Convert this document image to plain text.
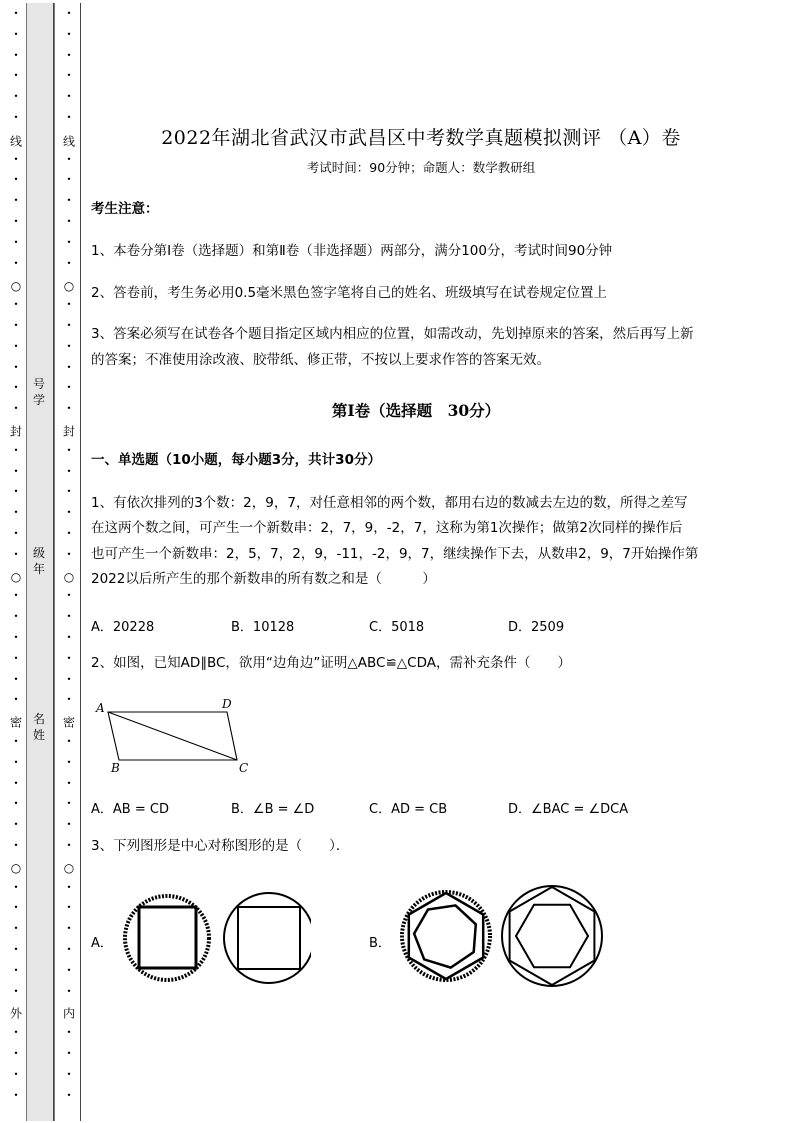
号学
级年
名姓
2022年湖北省武汉市武昌区中考数学真题模拟测评 （A）卷
考试时间：90分钟；命题人：数学教研组
考生注意：
1、本卷分第Ⅰ卷（选择题）和第Ⅱ卷（非选择题）两部分，满分100分，考试时间90分钟
2、答卷前，考生务必用0.5毫米黑色签字笔将自己的姓名、班级填写在试卷规定位置上
3、答案必须写在试卷各个题目指定区域内相应的位置，如需改动，先划掉原来的答案，然后再写上新
的答案；不准使用涂改液、胶带纸、修正带，不按以上要求作答的答案无效。
第Ⅰ卷（选择题　30分）
一、单选题（10小题，每小题3分，共计30分）
1、有依次排列的3个数：2，9，7，对任意相邻的两个数，都用右边的数减去左边的数，所得之差写
在这两个数之间，可产生一个新数串：2，7，9，-2，7，这称为第1次操作；做第2次同样的操作后
也可产生一个新数串：2，5，7，2，9，-11，-2，9，7，继续操作下去，从数串2，9，7开始操作第
2022以后所产生的那个新数串的所有数之和是（　　　）
A．20228	B．10128	C．5018	D．2509
2、如图，已知AD∥BC，欲用“边角边”证明△ABC≌△CDA，需补充条件（　　）
A	D
B	C
A．AB = CD	B．∠B = ∠D	C．AD = CB	D．∠BAC = ∠DCA
3、下列图形是中心对称图形的是（　　）．
A．	B．
·
·
·
·
·
·
·
·
·
·
·
·
·
·
·
·
·
·
·
·
·
·
·
·
·
·
·
·
·
·
·
·
·
·
·
·
·
·
·
·
·
·
·
·
·
·
线
○
封
○
密
○
外
·
·
·
·
·
·
·
·
·
·
·
·
·
·
·
·
·
·
·
·
·
·
·
·
·
·
·
·
·
·
·
·
·
·
·
·
·
·
·
·
·
·
·
·
·
·
线
○
封
○
密
○
内
